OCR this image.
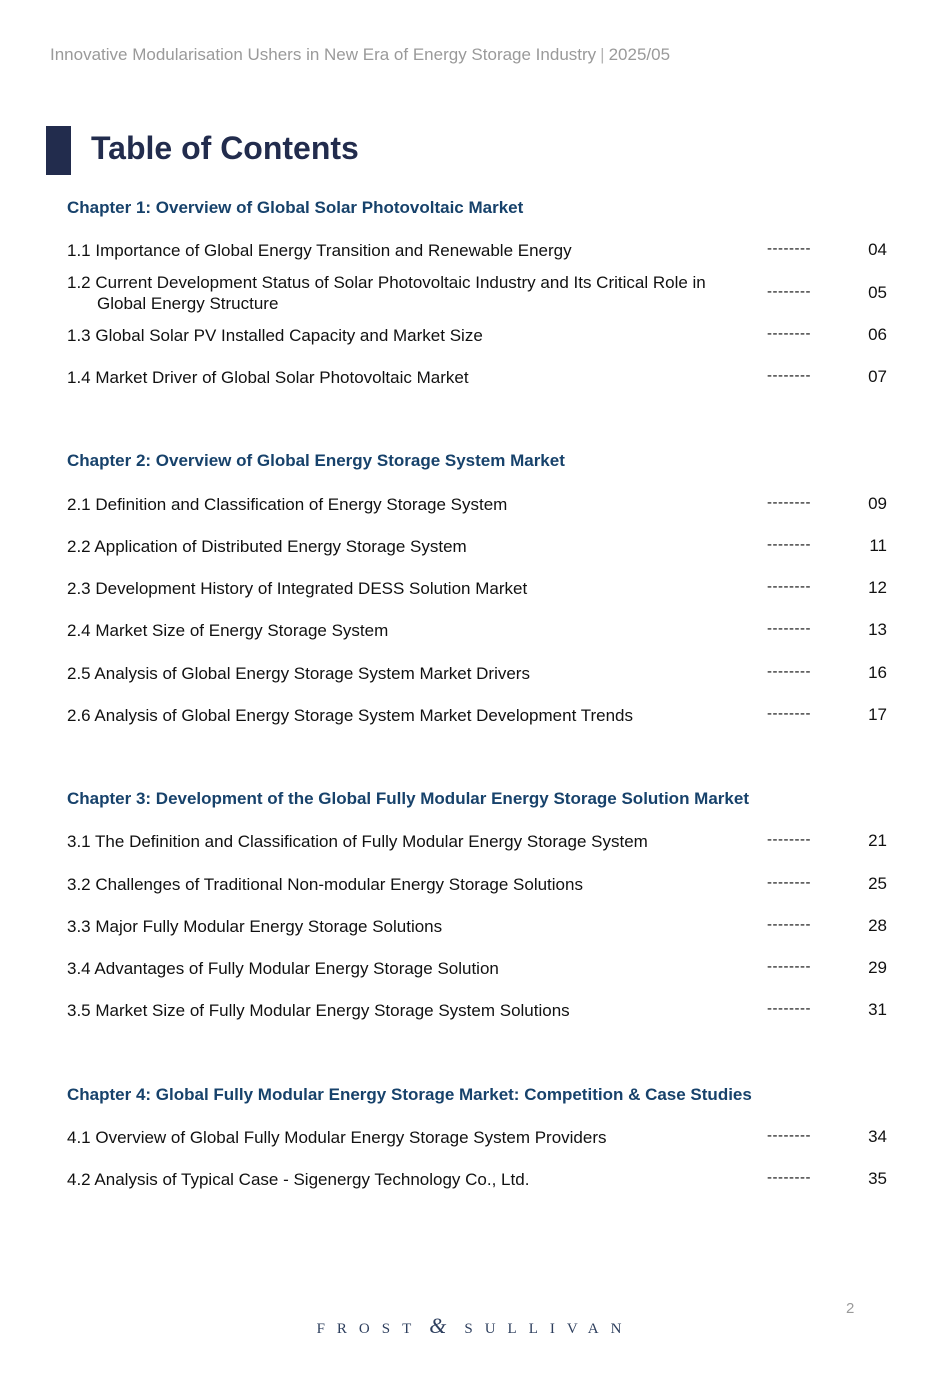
Innovative Modularisation Ushers in New Era of Energy Storage Industry | 2025/05
Table of Contents
Chapter 1: Overview of Global Solar Photovoltaic Market
1.1 Importance of Global Energy Transition and Renewable Energy	--------	04
1.2 Current Development Status of Solar Photovoltaic Industry and Its Critical Role in
Global Energy Structure
--------	05
1.3 Global Solar PV Installed Capacity and Market Size	--------	06
1.4 Market Driver of Global Solar Photovoltaic Market	--------	07
Chapter 2: Overview of Global Energy Storage System Market
2.1 Definition and Classification of Energy Storage System	--------	09
2.2 Application of Distributed Energy Storage System	--------	11
2.3 Development History of Integrated DESS Solution Market	--------	12
2.4 Market Size of Energy Storage System	--------	13
2.5 Analysis of Global Energy Storage System Market Drivers	--------	16
2.6 Analysis of Global Energy Storage System Market Development Trends	--------	17
Chapter 3: Development of the Global Fully Modular Energy Storage Solution Market
3.1 The Definition and Classification of Fully Modular Energy Storage System	--------	21
3.2 Challenges of Traditional Non-modular Energy Storage Solutions	--------	25
3.3 Major Fully Modular Energy Storage Solutions	--------	28
3.4 Advantages of Fully Modular Energy Storage Solution	--------	29
3.5 Market Size of Fully Modular Energy Storage System Solutions	--------	31
Chapter 4: Global Fully Modular Energy Storage Market: Competition & Case Studies
4.1 Overview of Global Fully Modular Energy Storage System Providers	--------	34
4.2 Analysis of Typical Case - Sigenergy Technology Co., Ltd.	--------	35
2
FROST & SULLIVAN
